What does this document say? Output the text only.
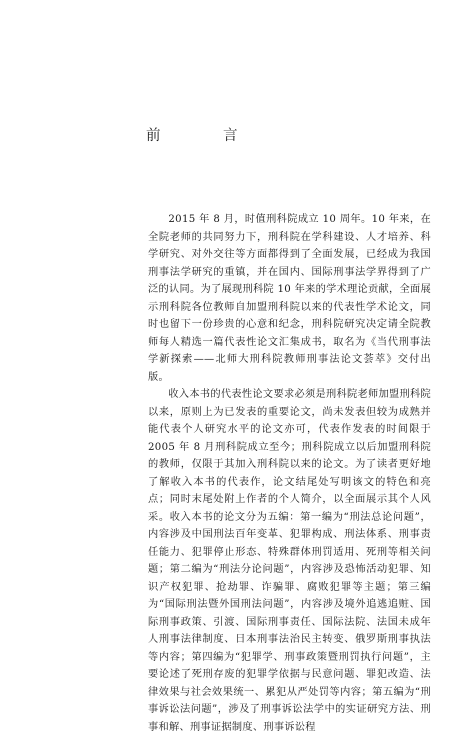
前　言

2015 年 8 月，时值刑科院成立 10 周年。10 年来，在全院老师的共同努力下，刑科院在学科建设、人才培养、科学研究、对外交往等方面都得到了全面发展，已经成为我国刑事法学研究的重镇，并在国内、国际刑事法学界得到了广泛的认同。为了展现刑科院 10 年来的学术理论贡献，全面展示刑科院各位教师自加盟刑科院以来的代表性学术论文，同时也留下一份珍贵的心意和纪念，刑科院研究决定请全院教师每人精选一篇代表性论文汇集成书，取名为《当代刑事法学新探索——北师大刑科院教师刑事法论文荟萃》交付出版。

收入本书的代表性论文要求必须是刑科院老师加盟刑科院以来，原则上为已发表的重要论文，尚未发表但较为成熟并能代表个人研究水平的论文亦可，代表作发表的时间限于 2005 年 8 月刑科院成立至今；刑科院成立以后加盟刑科院的教师，仅限于其加入刑科院以来的论文。为了读者更好地了解收入本书的代表作，论文结尾处写明该文的特色和亮点；同时末尾处附上作者的个人简介，以全面展示其个人风采。收入本书的论文分为五编：第一编为“刑法总论问题”，内容涉及中国刑法百年变革、犯罪构成、刑法体系、刑事责任能力、犯罪停止形态、特殊群体刑罚适用、死刑等相关问题；第二编为“刑法分论问题”，内容涉及恐怖活动犯罪、知识产权犯罪、抢劫罪、诈骗罪、腐败犯罪等主题；第三编为“国际刑法暨外国刑法问题”，内容涉及境外追逃追赃、国际刑事政策、引渡、国际刑事责任、国际法院、法国未成年人刑事法律制度、日本刑事法治民主转变、俄罗斯刑事执法等内容；第四编为“犯罪学、刑事政策暨刑罚执行问题”，主要论述了死刑存废的犯罪学依据与民意问题、罪犯改造、法律效果与社会效果统一、累犯从严处罚等内容；第五编为“刑事诉讼法问题”，涉及了刑事诉讼法学中的实证研究方法、刑事和解、刑事证据制度、刑事诉讼程
